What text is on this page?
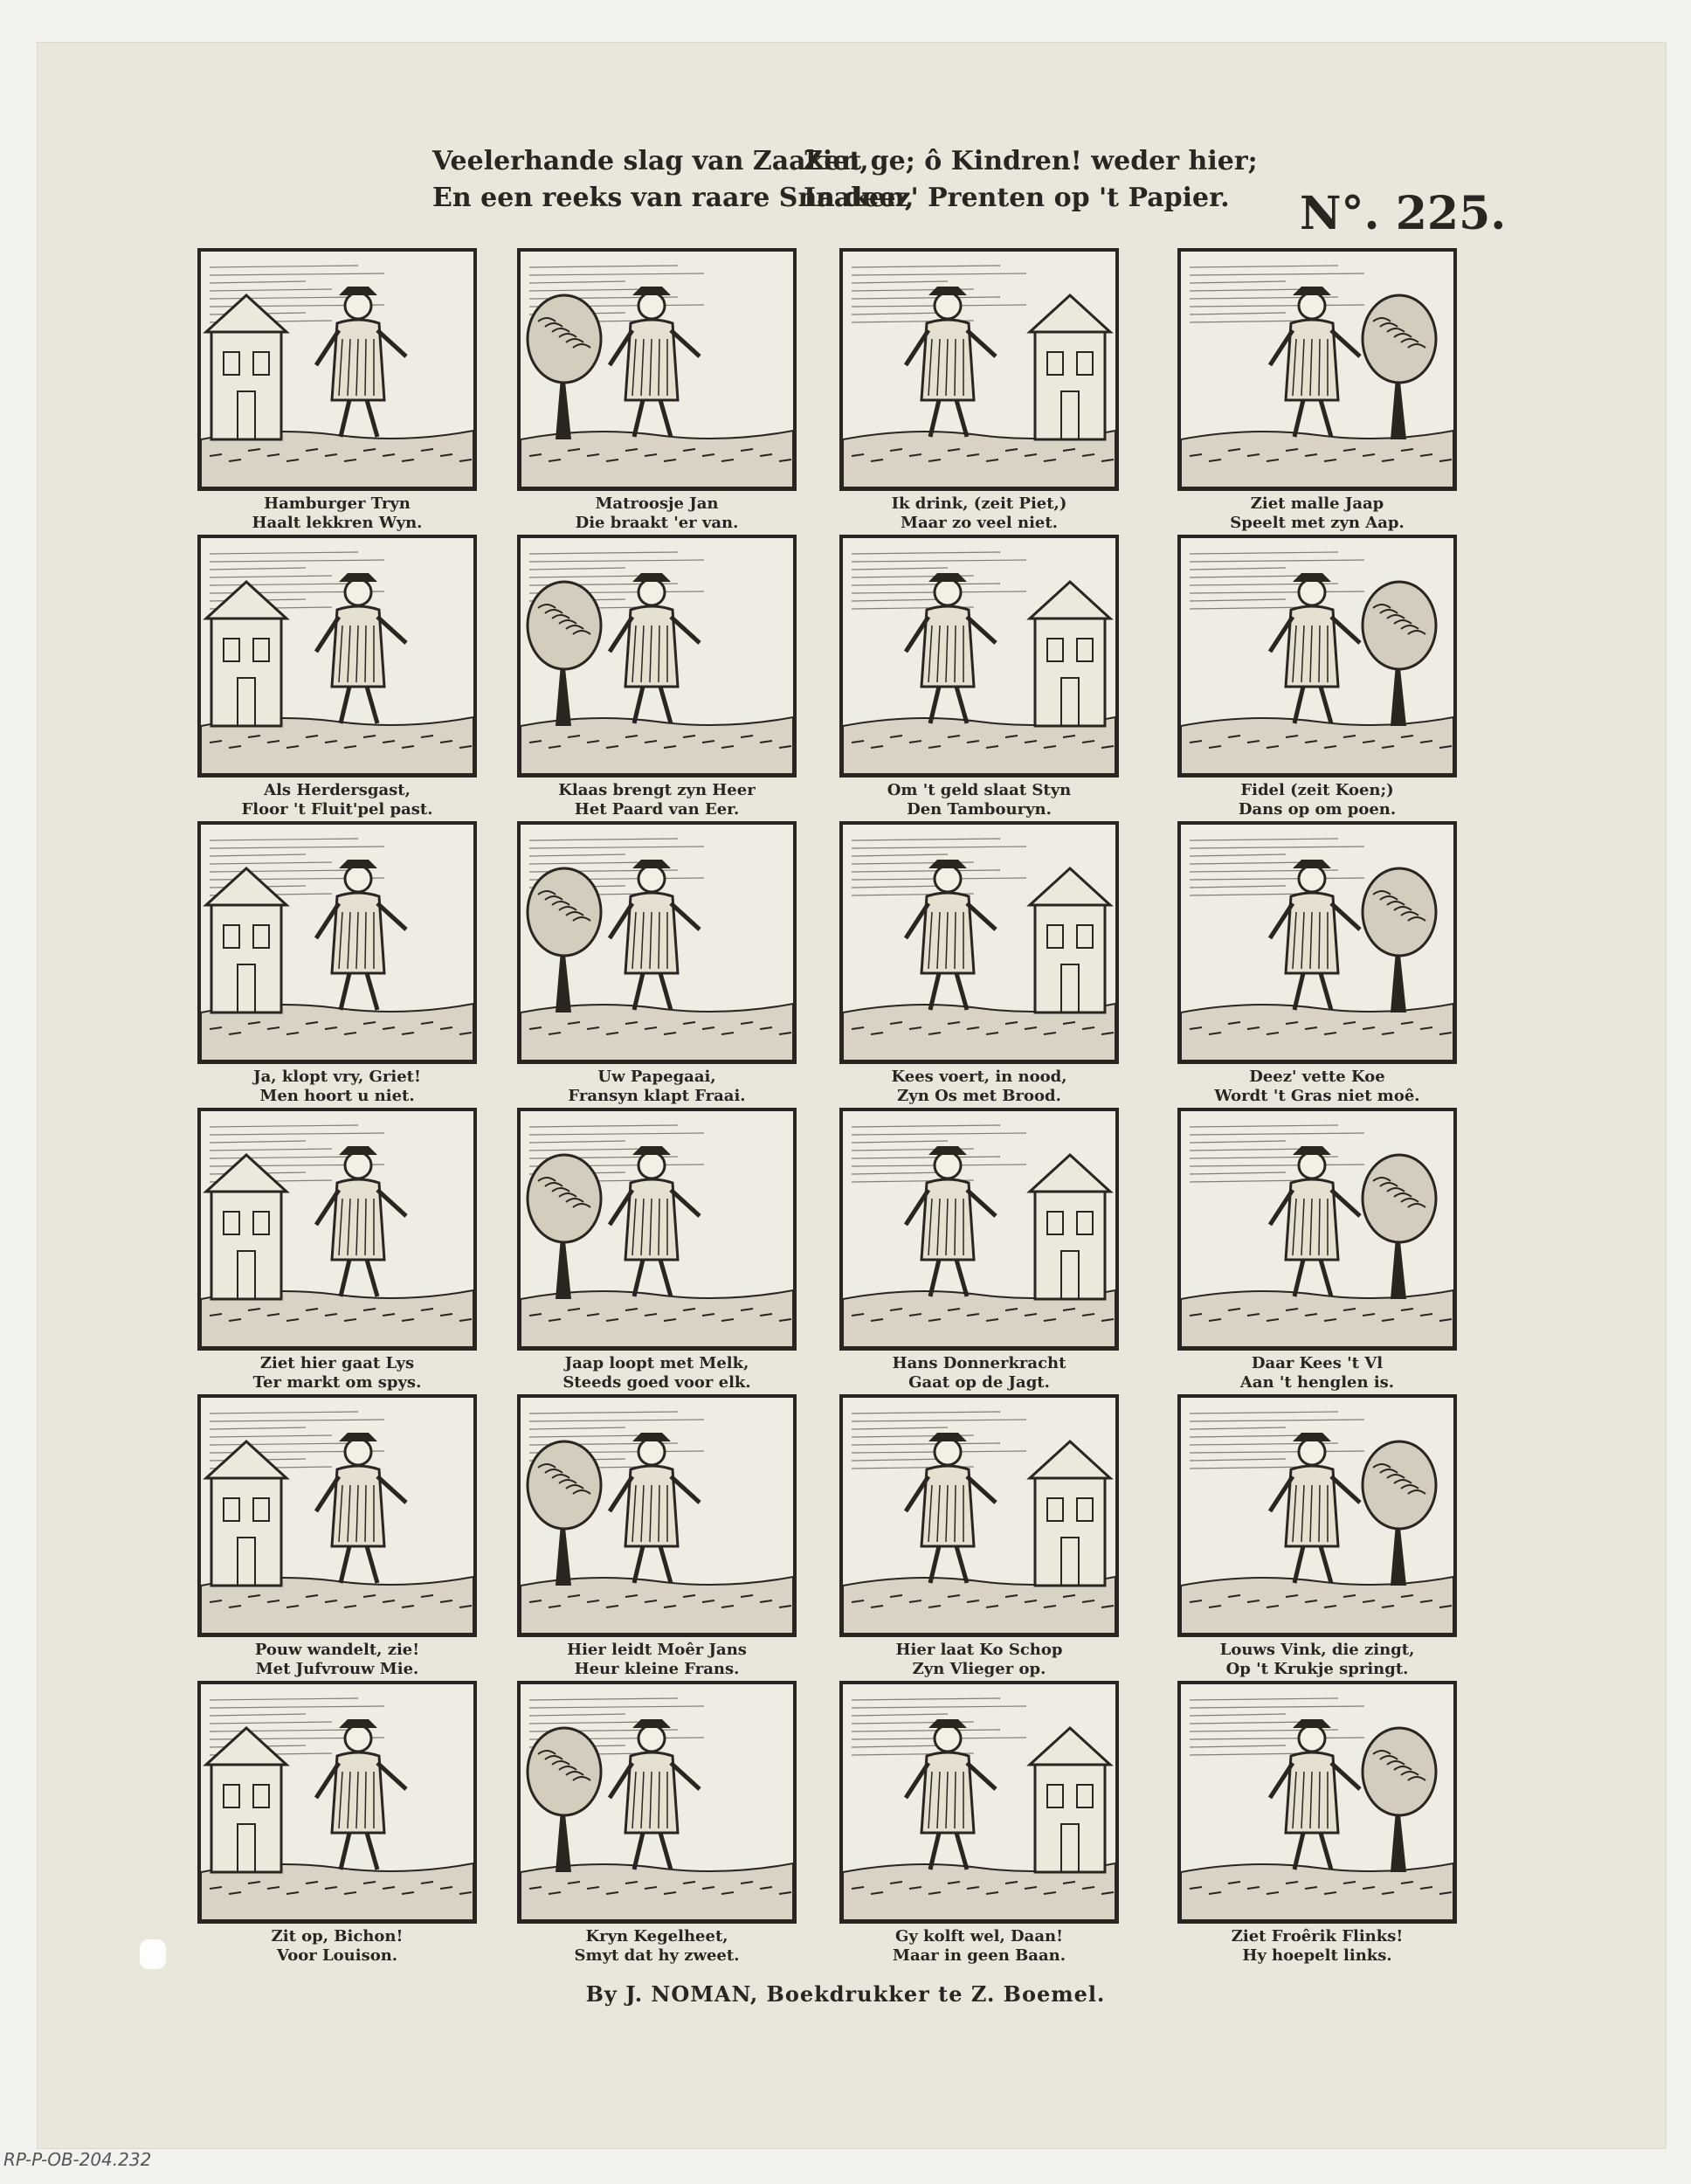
Veelerhande slag van Zaaken,
En een reeks van raare Snaaken,
Ziet ge; ô Kindren! weder hier;
In deez' Prenten op 't Papier.	N°. 225.
Hamburger Tryn
Haalt lekkren Wyn.
Matroosje Jan
Die braakt 'er van.
Ik drink, (zeit Piet,)
Maar zo veel niet.
Ziet malle Jaap
Speelt met zyn Aap.
Als Herdersgast,
Floor 't Fluit'pel past.
Klaas brengt zyn Heer
Het Paard van Eer.
Om 't geld slaat Styn
Den Tambouryn.
Fidel (zeit Koen;)
Dans op om poen.
Ja, klopt vry, Griet!
Men hoort u niet.
Uw Papegaai,
Fransyn klapt Fraai.
Kees voert, in nood,
Zyn Os met Brood.
Deez' vette Koe
Wordt 't Gras niet moê.
Ziet hier gaat Lys
Ter markt om spys.
Jaap loopt met Melk,
Steeds goed voor elk.
Hans Donnerkracht
Gaat op de Jagt.
Daar Kees 't Vl
Aan 't henglen is.
Pouw wandelt, zie!
Met Jufvrouw Mie.
Hier leidt Moêr Jans
Heur kleine Frans.
Hier laat Ko Schop
Zyn Vlieger op.
Louws Vink, die zingt,
Op 't Krukje springt.
Zit op, Bichon!
Voor Louison.
Kryn Kegelheet,
Smyt dat hy zweet.
Gy kolft wel, Daan!
Maar in geen Baan.
Ziet Froêrik Flinks!
Hy hoepelt links.
By J. NOMAN, Boekdrukker te Z. Boemel.
RP-P-OB-204.232
